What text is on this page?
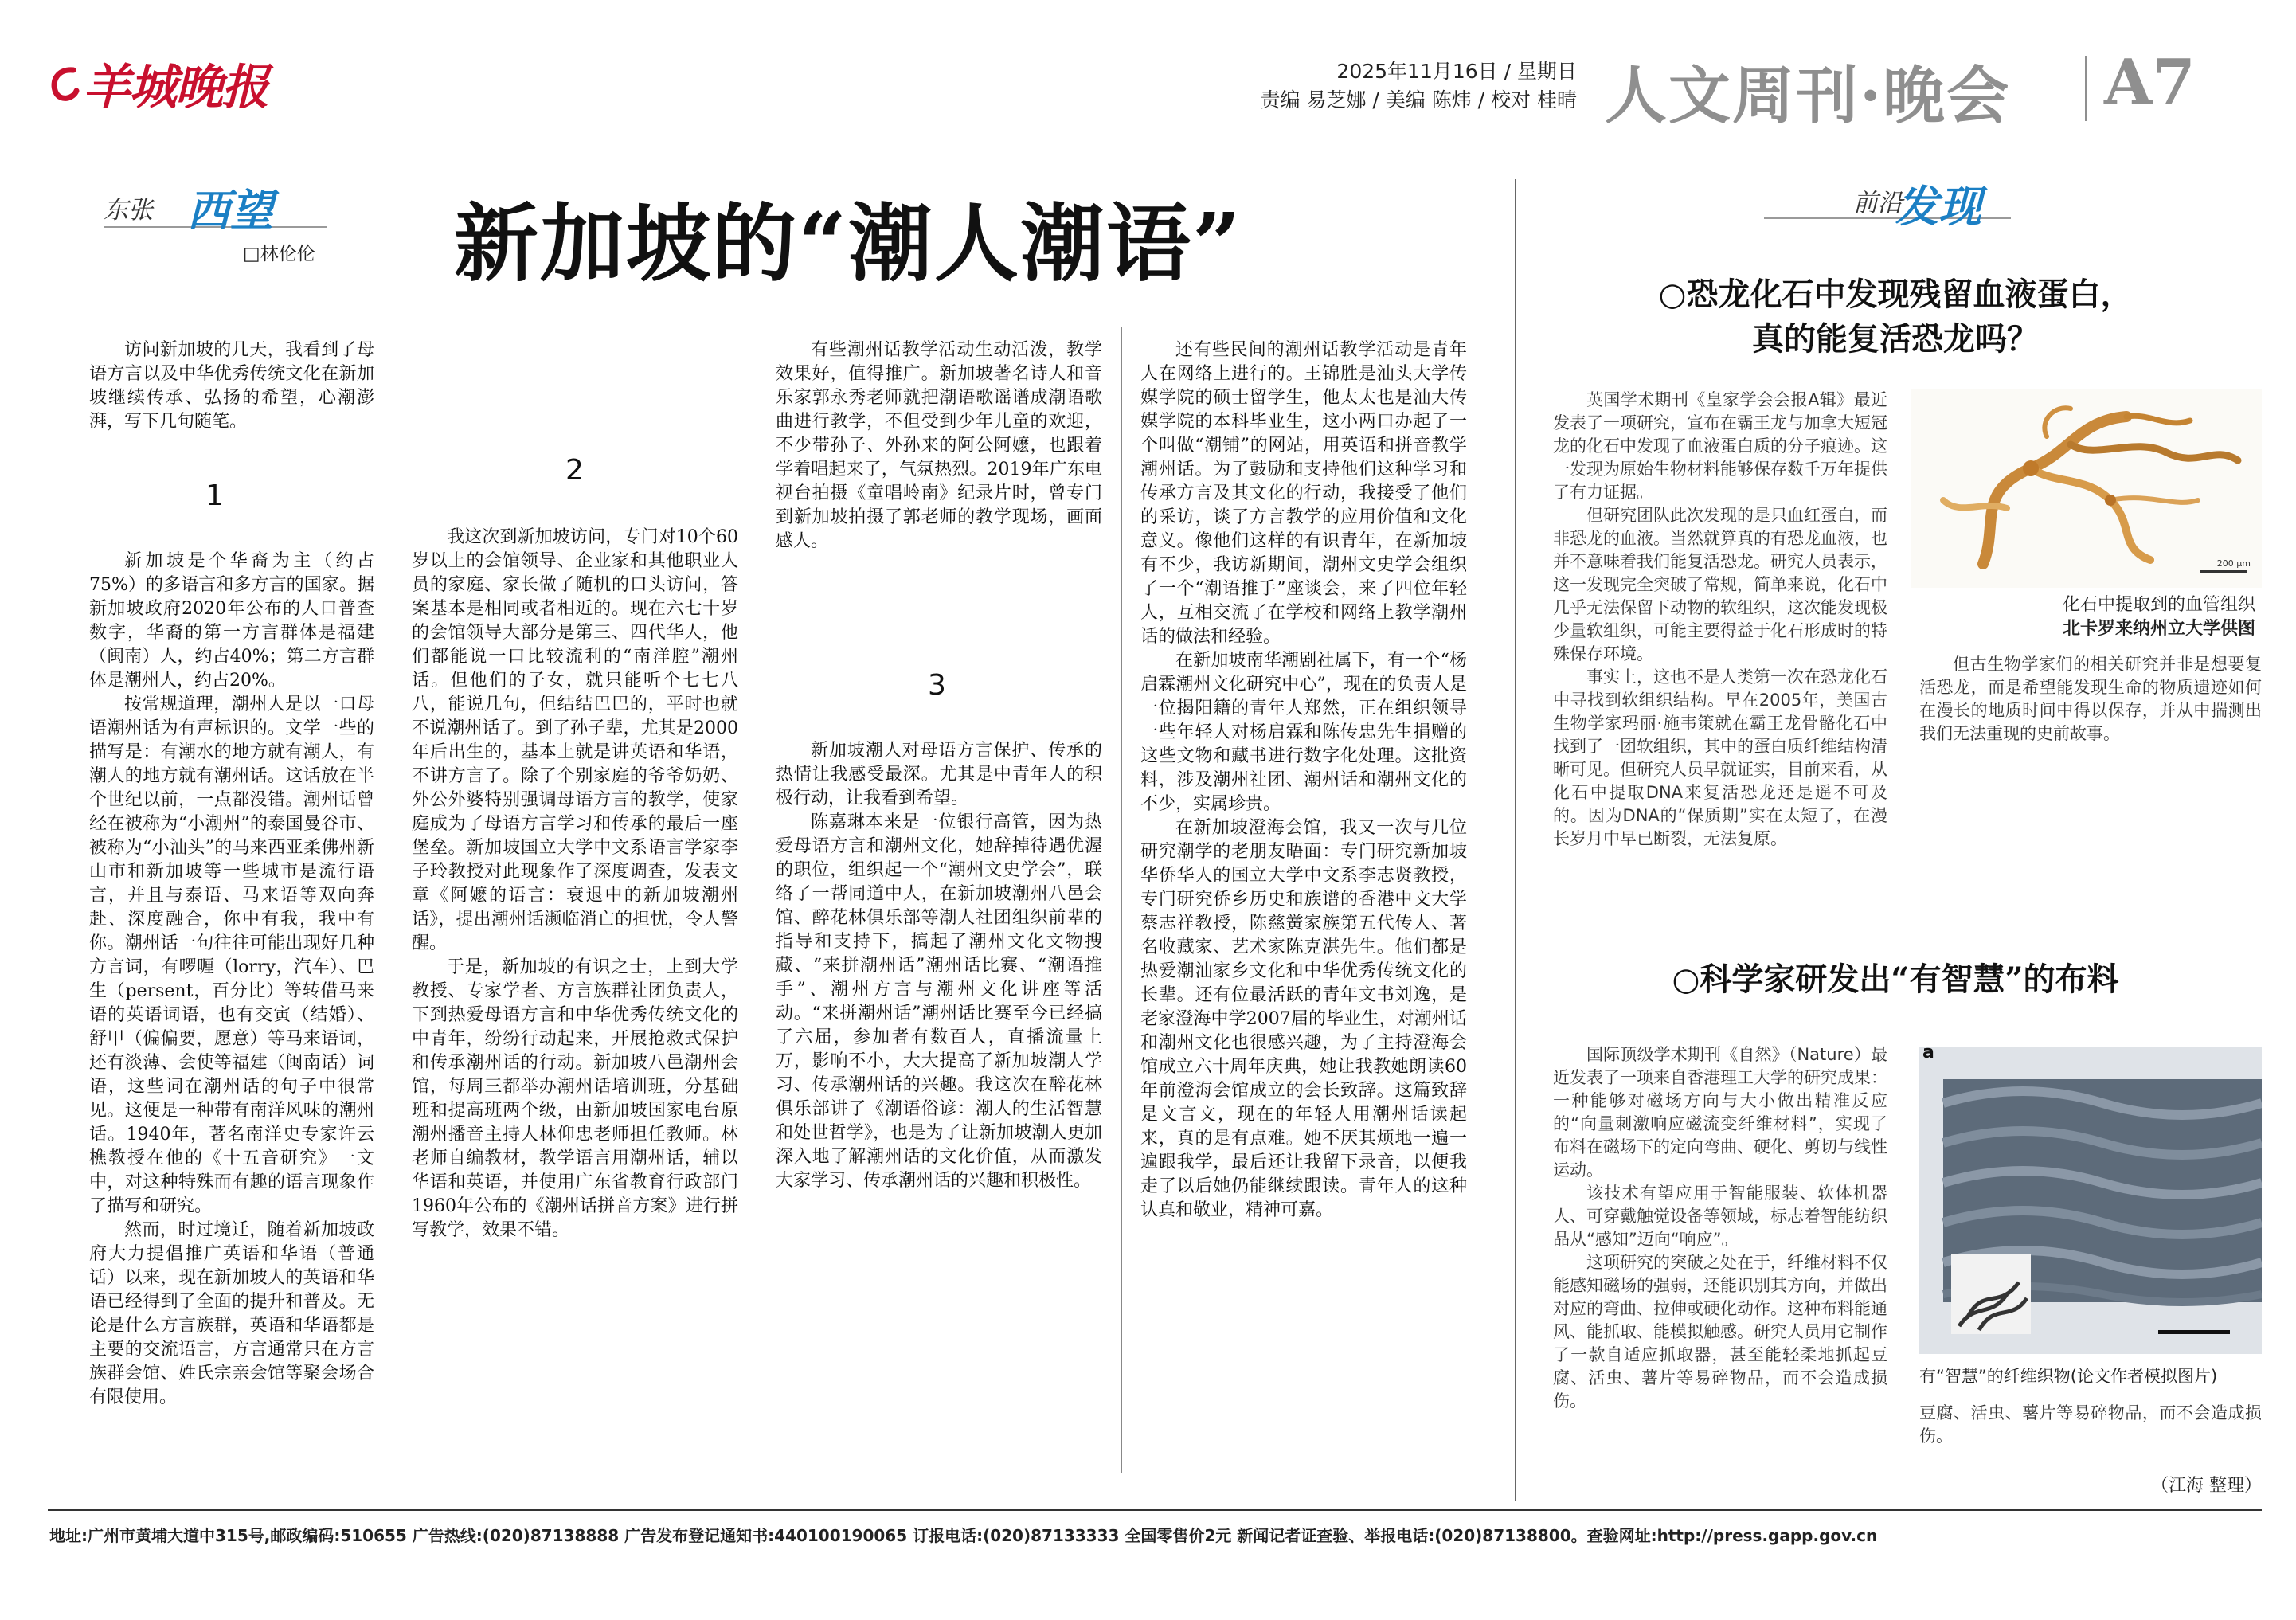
羊城晚报	2025年11月16日 / 星期日
责编 易芝娜 / 美编 陈炜 / 校对 桂晴 人文周刊·晚会 A7
东张 西望
□林伦伦 新加坡的“潮人潮语”	前沿
发现

访问新加坡的几天，我看到了母语方言以及中华优秀传统文化在新加坡继续传承、弘扬的希望，心潮澎湃，写下几句随笔。

1

新加坡是个华裔为主（约占75%）的多语言和多方言的国家。据新加坡政府2020年公布的人口普查数字，华裔的第一方言群体是福建（闽南）人，约占40%；第二方言群体是潮州人，约占20%。

按常规道理，潮州人是以一口母语潮州话为有声标识的。文学一些的描写是：有潮水的地方就有潮人，有潮人的地方就有潮州话。这话放在半个世纪以前，一点都没错。潮州话曾经在被称为“小潮州”的泰国曼谷市、被称为“小汕头”的马来西亚柔佛州新山市和新加坡等一些城市是流行语言，并且与泰语、马来语等双向奔赴、深度融合，你中有我，我中有你。潮州话一句往往可能出现好几种方言词，有啰喱（lorry，汽车）、巴生（persent，百分比）等转借马来语的英语词语，也有交寅（结婚）、舒甲（偏偏要，愿意）等马来语词，还有淡薄、会使等福建（闽南话）词语，这些词在潮州话的句子中很常见。这便是一种带有南洋风味的潮州话。1940年，著名南洋史专家许云樵教授在他的《十五音研究》一文中，对这种特殊而有趣的语言现象作了描写和研究。

然而，时过境迁，随着新加坡政府大力提倡推广英语和华语（普通话）以来，现在新加坡人的英语和华语已经得到了全面的提升和普及。无论是什么方言族群，英语和华语都是主要的交流语言，方言通常只在方言族群会馆、姓氏宗亲会馆等聚会场合有限使用。

2

我这次到新加坡访问，专门对10个60岁以上的会馆领导、企业家和其他职业人员的家庭、家长做了随机的口头访问，答案基本是相同或者相近的。现在六七十岁的会馆领导大部分是第三、四代华人，他们都能说一口比较流利的“南洋腔”潮州话。但他们的子女，就只能听个七七八八，能说几句，但结结巴巴的，平时也就不说潮州话了。到了孙子辈，尤其是2000年后出生的，基本上就是讲英语和华语，不讲方言了。除了个别家庭的爷爷奶奶、外公外婆特别强调母语方言的教学，使家庭成为了母语方言学习和传承的最后一座堡垒。新加坡国立大学中文系语言学家李子玲教授对此现象作了深度调查，发表文章《阿嬷的语言：衰退中的新加坡潮州话》，提出潮州话濒临消亡的担忧，令人警醒。

于是，新加坡的有识之士，上到大学教授、专家学者、方言族群社团负责人，下到热爱母语方言和中华优秀传统文化的中青年，纷纷行动起来，开展抢救式保护和传承潮州话的行动。新加坡八邑潮州会馆，每周三都举办潮州话培训班，分基础班和提高班两个级，由新加坡国家电台原潮州播音主持人林仰忠老师担任教师。林老师自编教材，教学语言用潮州话，辅以华语和英语，并使用广东省教育行政部门1960年公布的《潮州话拼音方案》进行拼写教学，效果不错。

有些潮州话教学活动生动活泼，教学效果好，值得推广。新加坡著名诗人和音乐家郭永秀老师就把潮语歌谣谱成潮语歌曲进行教学，不但受到少年儿童的欢迎，不少带孙子、外孙来的阿公阿嬷，也跟着学着唱起来了，气氛热烈。2019年广东电视台拍摄《童唱岭南》纪录片时，曾专门到新加坡拍摄了郭老师的教学现场，画面感人。

3

新加坡潮人对母语方言保护、传承的热情让我感受最深。尤其是中青年人的积极行动，让我看到希望。

陈嘉琳本来是一位银行高管，因为热爱母语方言和潮州文化，她辞掉待遇优渥的职位，组织起一个“潮州文史学会”，联络了一帮同道中人，在新加坡潮州八邑会馆、醉花林俱乐部等潮人社团组织前辈的指导和支持下，搞起了潮州文化文物搜藏、“来拼潮州话”潮州话比赛、“潮语推手”、潮州方言与潮州文化讲座等活动。“来拼潮州话”潮州话比赛至今已经搞了六届，参加者有数百人，直播流量上万，影响不小，大大提高了新加坡潮人学习、传承潮州话的兴趣。我这次在醉花林俱乐部讲了《潮语俗谚：潮人的生活智慧和处世哲学》，也是为了让新加坡潮人更加深入地了解潮州话的文化价值，从而激发大家学习、传承潮州话的兴趣和积极性。

还有些民间的潮州话教学活动是青年人在网络上进行的。王锦胜是汕头大学传媒学院的硕士留学生，他太太也是汕大传媒学院的本科毕业生，这小两口办起了一个叫做“潮铺”的网站，用英语和拼音教学潮州话。为了鼓励和支持他们这种学习和传承方言及其文化的行动，我接受了他们的采访，谈了方言教学的应用价值和文化意义。像他们这样的有识青年，在新加坡有不少，我访新期间，潮州文史学会组织了一个“潮语推手”座谈会，来了四位年轻人，互相交流了在学校和网络上教学潮州话的做法和经验。

在新加坡南华潮剧社属下，有一个“杨启霖潮州文化研究中心”，现在的负责人是一位揭阳籍的青年人郑然，正在组织领导一些年轻人对杨启霖和陈传忠先生捐赠的这些文物和藏书进行数字化处理。这批资料，涉及潮州社团、潮州话和潮州文化的不少，实属珍贵。

在新加坡澄海会馆，我又一次与几位研究潮学的老朋友晤面：专门研究新加坡华侨华人的国立大学中文系李志贤教授，专门研究侨乡历史和族谱的香港中文大学蔡志祥教授，陈慈黉家族第五代传人、著名收藏家、艺术家陈克湛先生。他们都是热爱潮汕家乡文化和中华优秀传统文化的长辈。还有位最活跃的青年文书刘逸，是老家澄海中学2007届的毕业生，对潮州话和潮州文化也很感兴趣，为了主持澄海会馆成立六十周年庆典，她让我教她朗读60年前澄海会馆成立的会长致辞。这篇致辞是文言文，现在的年轻人用潮州话读起来，真的是有点难。她不厌其烦地一遍一遍跟我学，最后还让我留下录音，以便我走了以后她仍能继续跟读。青年人的这种认真和敬业，精神可嘉。

○恐龙化石中发现残留血液蛋白，
真的能复活恐龙吗？

英国学术期刊《皇家学会会报A辑》最近发表了一项研究，宣布在霸王龙与加拿大短冠龙的化石中发现了血液蛋白质的分子痕迹。这一发现为原始生物材料能够保存数千万年提供了有力证据。

但研究团队此次发现的是只血红蛋白，而非恐龙的血液。当然就算真的有恐龙血液，也并不意味着我们能复活恐龙。研究人员表示，这一发现完全突破了常规，简单来说，化石中几乎无法保留下动物的软组织，这次能发现极少量软组织，可能主要得益于化石形成时的特殊保存环境。

事实上，这也不是人类第一次在恐龙化石中寻找到软组织结构。早在2005年，美国古生物学家玛丽·施韦策就在霸王龙骨骼化石中找到了一团软组织，其中的蛋白质纤维结构清晰可见。但研究人员早就证实，目前来看，从化石中提取DNA来复活恐龙还是遥不可及的。因为DNA的“保质期”实在太短了，在漫长岁月中早已断裂，无法复原。

200 μm
化石中提取到的血管组织
北卡罗来纳州立大学供图

但古生物学家们的相关研究并非是想要复活恐龙，而是希望能发现生命的物质遗迹如何在漫长的地质时间中得以保存，并从中揣测出我们无法重现的史前故事。

○科学家研发出“有智慧”的布料

国际顶级学术期刊《自然》（Nature）最近发表了一项来自香港理工大学的研究成果：一种能够对磁场方向与大小做出精准反应的“向量刺激响应磁流变纤维材料”，实现了布料在磁场下的定向弯曲、硬化、剪切与线性运动。

该技术有望应用于智能服装、软体机器人、可穿戴触觉设备等领域，标志着智能纺织品从“感知”迈向“响应”。

这项研究的突破之处在于，纤维材料不仅能感知磁场的强弱，还能识别其方向，并做出对应的弯曲、拉伸或硬化动作。这种布料能通风、能抓取、能模拟触感。研究人员用它制作了一款自适应抓取器，甚至能轻柔地抓起豆腐、活虫、薯片等易碎物品，而不会造成损伤。

a
有“智慧”的纤维织物(论文作者模拟图片)

豆腐、活虫、薯片等易碎物品，而不会造成损伤。

（江海 整理）
地址:广州市黄埔大道中315号,邮政编码:510655 广告热线:(020)87138888 广告发布登记通知书:440100190065 订报电话:(020)87133333 全国零售价2元 新闻记者证查验、举报电话:(020)87138800。查验网址:http://press.gapp.gov.cn
